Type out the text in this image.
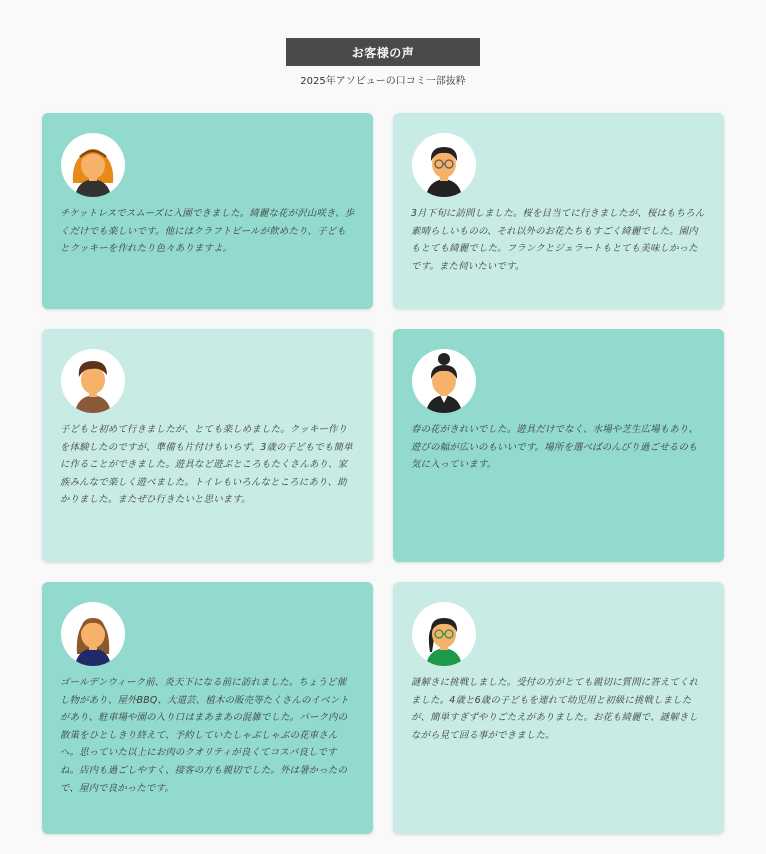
お客様の声
2025年アソビューの口コミ一部抜粋
チケットレスでスムーズに入園できました。綺麗な花が沢山咲き、歩くだけでも楽しいです。他にはクラフトビールが飲めたり、子どもとクッキーを作れたり色々ありますよ。
3月下旬に訪問しました。桜を目当てに行きましたが、桜はもちろん素晴らしいものの、それ以外のお花たちもすごく綺麗でした。園内もとても綺麗でした。フランクとジェラートもとても美味しかったです。また伺いたいです。
子どもと初めて行きましたが、とても楽しめました。クッキー作りを体験したのですが、準備も片付けもいらず、3歳の子どもでも簡単に作ることができました。遊具など遊ぶところもたくさんあり、家族みんなで楽しく遊べました。トイレもいろんなところにあり、助かりました。またぜひ行きたいと思います。
春の花がきれいでした。遊具だけでなく、水場や芝生広場もあり、遊びの幅が広いのもいいです。場所を選べばのんびり過ごせるのも気に入っています。
ゴールデンウィーク前、炎天下になる前に訪れました。ちょうど催し物があり、屋外BBQ、大道芸、植木の販売等たくさんのイベントがあり、駐車場や園の入り口はまあまあの混雑でした。パーク内の散策をひとしきり終えて、予約していたしゃぶしゃぶの花車さんへ。思っていた以上にお肉のクオリティが良くてコスパ良しですね。店内も過ごしやすく、接客の方も親切でした。外は暑かったので、屋内で良かったです。
謎解きに挑戦しました。受付の方がとても親切に質問に答えてくれました。4歳と6歳の子どもを連れて幼児用と初級に挑戦しましたが、簡単すぎずやりごたえがありました。お花も綺麗で、謎解きしながら見て回る事ができました。
